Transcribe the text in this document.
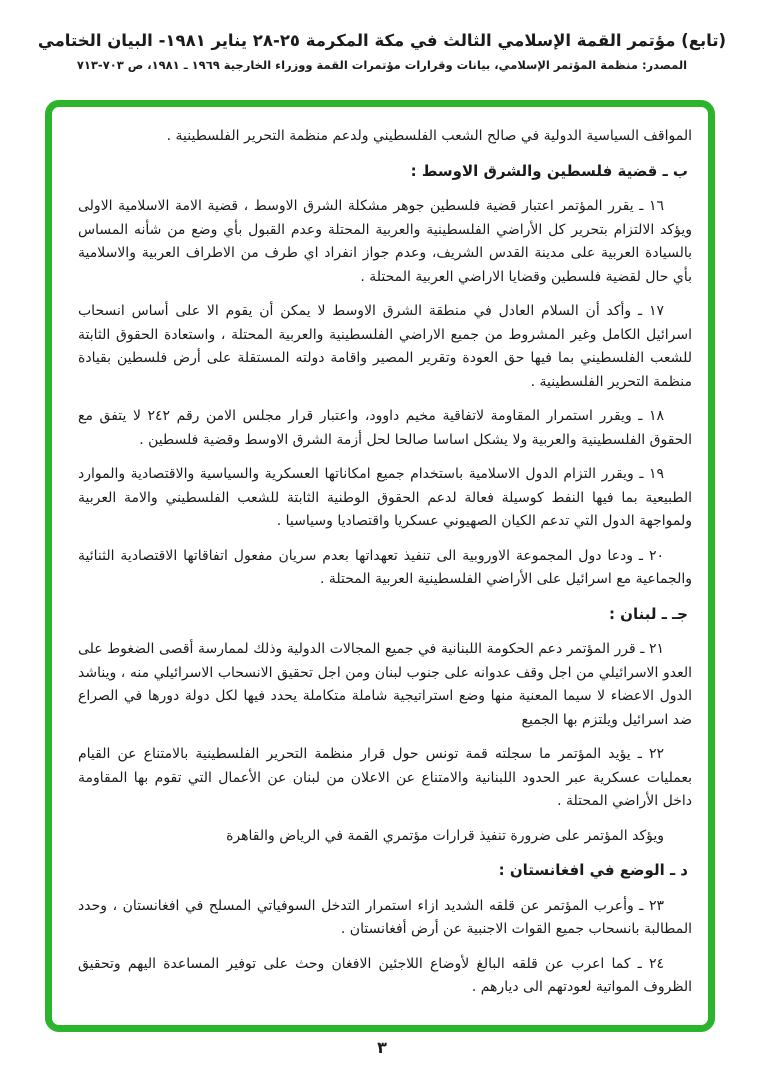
(تابع) مؤتمر القمة الإسلامي الثالث في مكة المكرمة ٢٥-٢٨ يناير ١٩٨١- البيان الختامي
المصدر: منظمة المؤتمر الإسلامي، بيانات وقرارات مؤتمرات القمة ووزراء الخارجية ١٩٦٩ ـ ١٩٨١، ص ٧٠٣-٧١٣

المواقف السياسية الدولية في صالح الشعب الفلسطيني ولدعم منظمة التحرير الفلسطينية .

ب ـ قضية فلسطين والشرق الاوسط :

١٦ ـ يقرر المؤتمر اعتبار قضية فلسطين جوهر مشكلة الشرق الاوسط ، قضية الامة الاسلامية الاولى ويؤكد الالتزام بتحرير كل الأراضي الفلسطينية والعربية المحتلة وعدم القبول بأي وضع من شأنه المساس بالسيادة العربية على مدينة القدس الشريف، وعدم جواز انفراد اي طرف من الاطراف العربية والاسلامية بأي حال لقضية فلسطين وقضايا الاراضي العربية المحتلة .

١٧ ـ وأكد أن السلام العادل في منطقة الشرق الاوسط لا يمكن أن يقوم الا على أساس انسحاب اسرائيل الكامل وغير المشروط من جميع الاراضي الفلسطينية والعربية المحتلة ، واستعادة الحقوق الثابتة للشعب الفلسطيني بما فيها حق العودة وتقرير المصير واقامة دولته المستقلة على أرض فلسطين بقيادة منظمة التحرير الفلسطينية .

١٨ ـ ويقرر استمرار المقاومة لاتفاقية مخيم داوود، واعتبار قرار مجلس الامن رقم ٢٤٢ لا يتفق مع الحقوق الفلسطينية والعربية ولا يشكل اساسا صالحا لحل أزمة الشرق الاوسط وقضية فلسطين .

١٩ ـ ويقرر التزام الدول الاسلامية باستخدام جميع امكاناتها العسكرية والسياسية والاقتصادية والموارد الطبيعية بما فيها النفط كوسيلة فعالة لدعم الحقوق الوطنية الثابتة للشعب الفلسطيني والامة العربية ولمواجهة الدول التي تدعم الكيان الصهيوني عسكريا واقتصاديا وسياسيا .

٢٠ ـ ودعا دول المجموعة الاوروبية الى تنفيذ تعهداتها بعدم سريان مفعول اتفاقاتها الاقتصادية الثنائية والجماعية مع اسرائيل على الأراضي الفلسطينية العربية المحتلة .

جـ ـ لبنان :

٢١ ـ قرر المؤتمر دعم الحكومة اللبنانية في جميع المجالات الدولية وذلك لممارسة أقصى الضغوط على العدو الاسرائيلي من اجل وقف عدوانه على جنوب لبنان ومن اجل تحقيق الانسحاب الاسرائيلي منه ، ويناشد الدول الاعضاء لا سيما المعنية منها وضع استراتيجية شاملة متكاملة يحدد فيها لكل دولة دورها في الصراع ضد اسرائيل ويلتزم بها الجميع

٢٢ ـ يؤيد المؤتمر ما سجلته قمة تونس حول قرار منظمة التحرير الفلسطينية بالامتناع عن القيام بعمليات عسكرية عبر الحدود اللبنانية والامتناع عن الاعلان من لبنان عن الأعمال التي تقوم بها المقاومة داخل الأراضي المحتلة .

ويؤكد المؤتمر على ضرورة تنفيذ قرارات مؤتمري القمة في الرياض والقاهرة

د ـ الوضع في افغانستان :

٢٣ ـ وأعرب المؤتمر عن قلقه الشديد ازاء استمرار التدخل السوفياتي المسلح في افغانستان ، وحدد المطالبة بانسحاب جميع القوات الاجنبية عن أرض أفغانستان .

٢٤ ـ كما اعرب عن قلقه البالغ لأوضاع اللاجئين الافغان وحث على توفير المساعدة اليهم وتحقيق الظروف المواتية لعودتهم الى ديارهم .

٣
